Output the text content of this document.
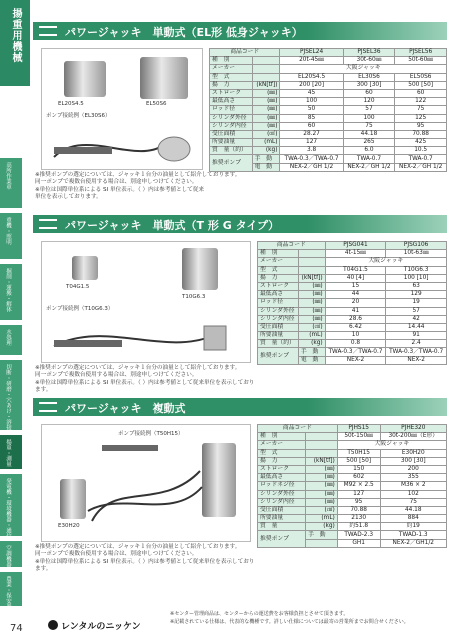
揚重用機械
高所作業車
重機・照明
掘削・運搬・解体
水処理
切断・研磨・穴あけ・溶接
揚重・測量
発電機・環境機器・通信
空調機器
農業・保安器具
パワージャッキ　単動式（EL形 低身ジャッキ）
EL20S4.5	EL50S6
ポンプ接続例（EL30S6）
※推奨ポンプの選定については、ジャッキ１台分の油量として紹介しております。
同一ポンプで複数台使用する場合は、別途申しつけてください。
※単位は国際単位系による SI 単位表示。（ ）内は参考値として従来単位を表示しております。
商品コード		PJSEL24	PJSEL36	PJSEL56
種　別		20t-45㎜	30t-60㎜	50t-60㎜
メーカー		大阪ジャッキ		
型　式		EL20S4.5	EL30S6	EL50S6
揚　力	(kN[tf])	200 [20]	300 [30]	500 [50]
ストローク	(㎜)	45	60	60
最低高さ	(㎜)	100	120	122
ロッド径	(㎜)	50	57	75
シリンダ外径	(㎜)	85	100	125
シリンダ内径	(㎜)	60	75	95
受圧面積	(㎠)	28.27	44.18	70.88
所要油量	(mL)	127	265	425
質　量（約）	(kg)	3.8	6.0	10.5
推奨ポンプ	手　動	TWA-0.3／TWA-0.7	TWA-0.7	TWA-0.7
	電　動	NEX-2／GH 1/2	NEX-2／GH 1/2	NEX-2／GH 1/2
パワージャッキ　単動式（T 形 G タイプ）
T04G1.5
T10G6.3
ポンプ接続例（T10G6.3）
※推奨ポンプの選定については、ジャッキ１台分の油量として紹介しております。
同一ポンプで複数台使用する場合は、別途申しつけてください。
※単位は国際単位系による SI 単位表示。（ ）内は参考値として従来単位を表示しております。
商品コード		PJSG041	PJSG106
種　別		4t-15㎜	10t-63㎜
メーカー		大阪ジャッキ	
型　式		T04G1.5	T10G6.3
揚　力	(kN[tf])	40 [4]	100 [10]
ストローク	(㎜)	15	63
最低高さ	(㎜)	44	129
ロッド径	(㎜)	20	19
シリンダ外径	(㎜)	41	57
シリンダ内径	(㎜)	28.6	42
受圧面積	(㎠)	6.42	14.44
所要油量	(mL)	10	91
質　量（約）	(kg)	0.8	2.4
推奨ポンプ	手　動	TWA-0.3／TWA-0.7	TWA-0.3／TWA-0.7
	電　動	NEX-2	NEX-2
パワージャッキ　複動式
ポンプ接続例（T50H15）
E30H20
※推奨ポンプの選定については、ジャッキ１台分の油量として紹介しております。
同一ポンプで複数台使用する場合は、別途申しつけてください。
※単位は国際単位系による SI 単位表示。（ ）内は参考値として従来単位を表示しております。
商品コード		PJHS15	PJHE320
種　別		50t-150㎜	30t-200㎜（E形）
メーカー		大阪ジャッキ	
型　式		T50H15	E30H20
揚　力	(kN[tf])	500 [50]	300 [30]
ストローク	(㎜)	150	200
最低高さ	(㎜)	602	355
ロッドネジ径	(㎜)	M92 × 2.5	M36 × 2
シリンダ外径	(㎜)	127	102
シリンダ内径	(㎜)	95	75
受圧面積	(㎠)	70.88	44.18
所要油量	(mL)	2130	884
質　量	(kg)	約51.8	約19
推奨ポンプ	手　動	TWAD-2.3	TWAD-1.3
		GH1	NEX-2／GH1/2
74	レンタルのニッケン
※センター管理商品は、センターからの運送費をお客様負担とさせて頂きます。
※記載されている仕様は、代表的な機種です。詳しい仕様については最寄の営業所までお問合せください。
